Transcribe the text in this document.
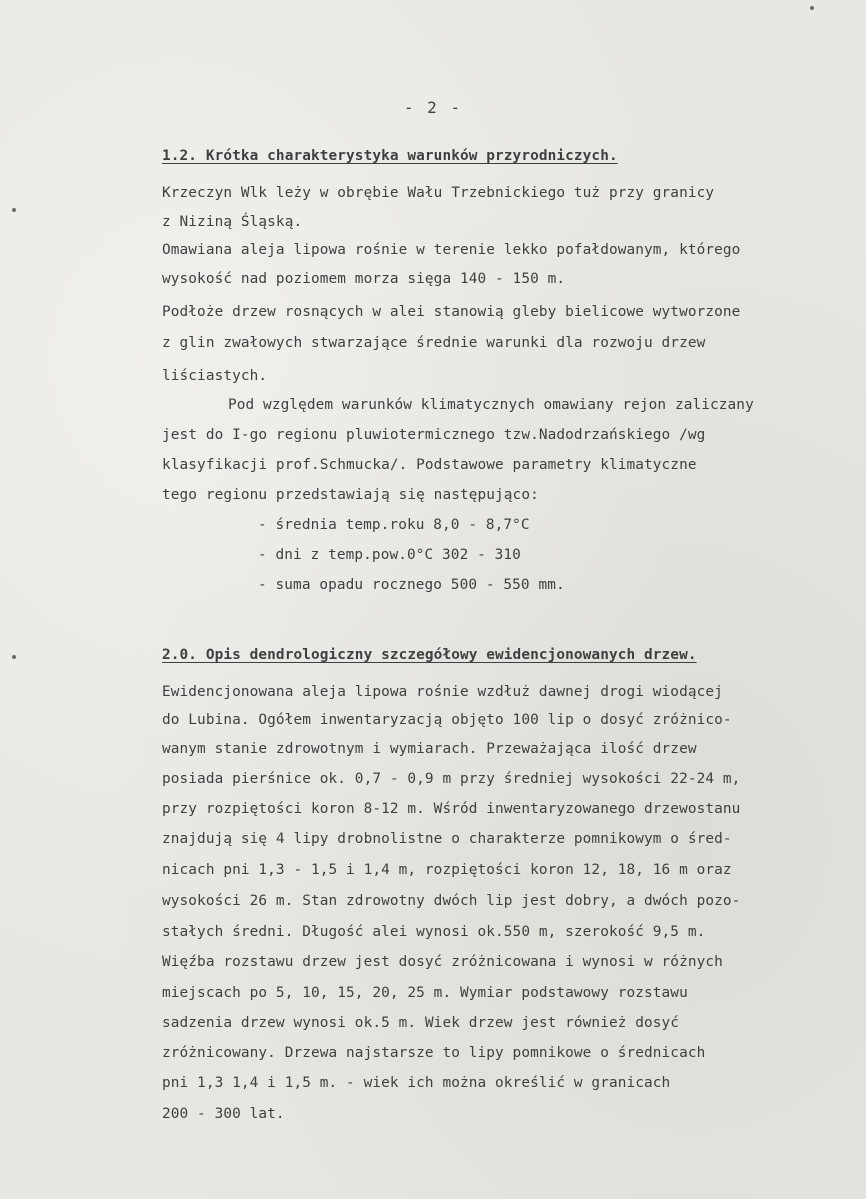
- 2 -
1.2. Krótka charakterystyka warunków przyrodniczych.
Krzeczyn Wlk leży w obrębie Wału Trzebnickiego tuż przy granicy
z Niziną Śląską.
Omawiana aleja lipowa rośnie w terenie lekko pofałdowanym, którego
wysokość nad poziomem morza sięga 140 - 150 m.
Podłoże drzew rosnących w alei stanowią gleby bielicowe wytworzone
z glin zwałowych stwarzające średnie warunki dla rozwoju drzew
liściastych.
Pod względem warunków klimatycznych omawiany rejon zaliczany
jest do I-go regionu pluwiotermicznego tzw.Nadodrzańskiego /wg
klasyfikacji prof.Schmucka/. Podstawowe parametry klimatyczne
tego regionu przedstawiają się następująco:
- średnia temp.roku 8,0 - 8,7°C
- dni z temp.pow.0°C 302 - 310
- suma opadu rocznego 500 - 550 mm.
2.0. Opis dendrologiczny szczegółowy ewidencjonowanych drzew.
Ewidencjonowana aleja lipowa rośnie wzdłuż dawnej drogi wiodącej
do Lubina. Ogółem inwentaryzacją objęto 100 lip o dosyć zróżnico-
wanym stanie zdrowotnym i wymiarach. Przeważająca ilość drzew
posiada pierśnice ok. 0,7 - 0,9 m przy średniej wysokości 22-24 m,
przy rozpiętości koron 8-12 m. Wśród inwentaryzowanego drzewostanu
znajdują się 4 lipy drobnolistne o charakterze pomnikowym o śred-
nicach pni 1,3 - 1,5 i 1,4 m, rozpiętości koron 12, 18, 16 m oraz
wysokości 26 m. Stan zdrowotny dwóch lip jest dobry, a dwóch pozo-
stałych średni. Długość alei wynosi ok.550 m, szerokość 9,5 m.
Więźba rozstawu drzew jest dosyć zróżnicowana i wynosi w różnych
miejscach po 5, 10, 15, 20, 25 m. Wymiar podstawowy rozstawu
sadzenia drzew wynosi ok.5 m. Wiek drzew jest również dosyć
zróżnicowany. Drzewa najstarsze to lipy pomnikowe o średnicach
pni 1,3 1,4 i 1,5 m. - wiek ich można określić w granicach
200 - 300 lat.
